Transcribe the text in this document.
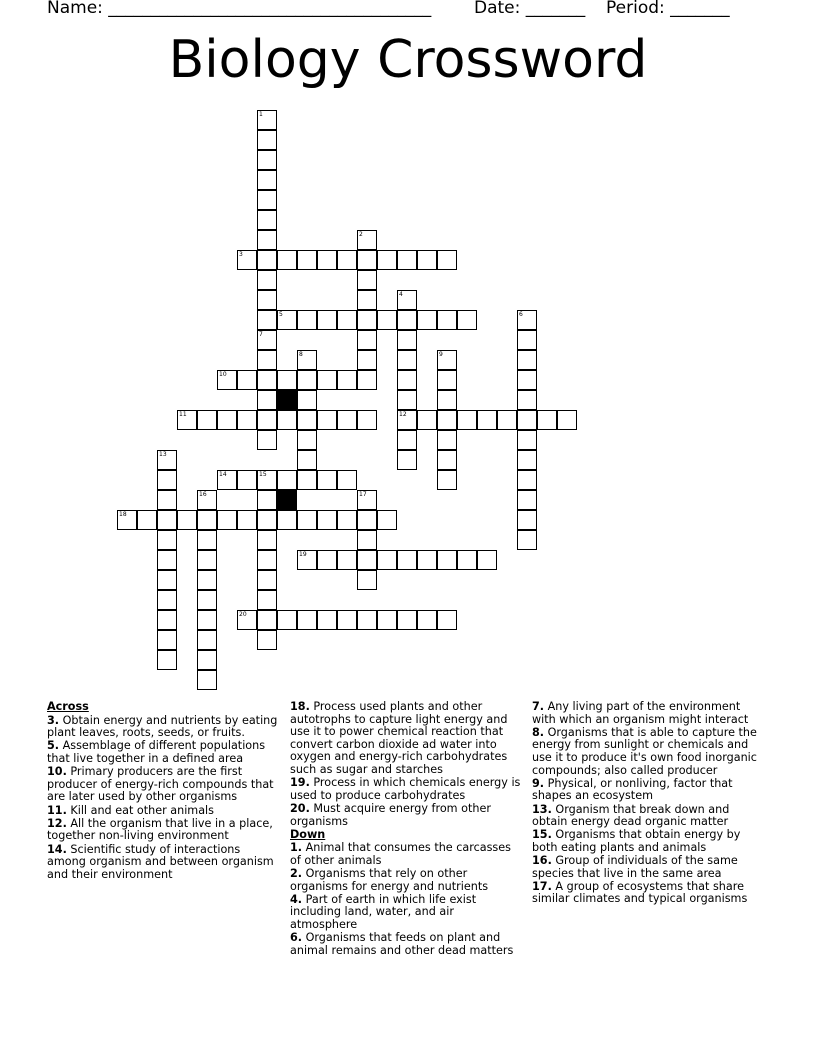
Name: ______________________________________	Date: _______ Period: _______
Biology Crossword
1
2
3
4
12
5	6
7
8	9
10
11
13
14	15
16	17
18
19
20
Across
3. Obtain energy and nutrients by eating plant leaves, roots, seeds, or fruits.
5. Assemblage of different populations that live together in a defined area
10. Primary producers are the first producer of energy-rich compounds that are later used by other organisms
11. Kill and eat other animals
12. All the organism that live in a place, together non-living environment
14. Scientific study of interactions among organism and between organism and their environment
18. Process used plants and other autotrophs to capture light energy and use it to power chemical reaction that convert carbon dioxide ad water into oxygen and energy-rich carbohydrates such as sugar and starches
19. Process in which chemicals energy is used to produce carbohydrates
20. Must acquire energy from other organisms
Down
1. Animal that consumes the carcasses of other animals
2. Organisms that rely on other organisms for energy and nutrients
4. Part of earth in which life exist including land, water, and air atmosphere
6. Organisms that feeds on plant and animal remains and other dead matters
7. Any living part of the environment with which an organism might interact
8. Organisms that is able to capture the energy from sunlight or chemicals and use it to produce it's own food inorganic compounds; also called producer
9. Physical, or nonliving, factor that shapes an ecosystem
13. Organism that break down and obtain energy dead organic matter
15. Organisms that obtain energy by both eating plants and animals
16. Group of individuals of the same species that live in the same area
17. A group of ecosystems that share similar climates and typical organisms
